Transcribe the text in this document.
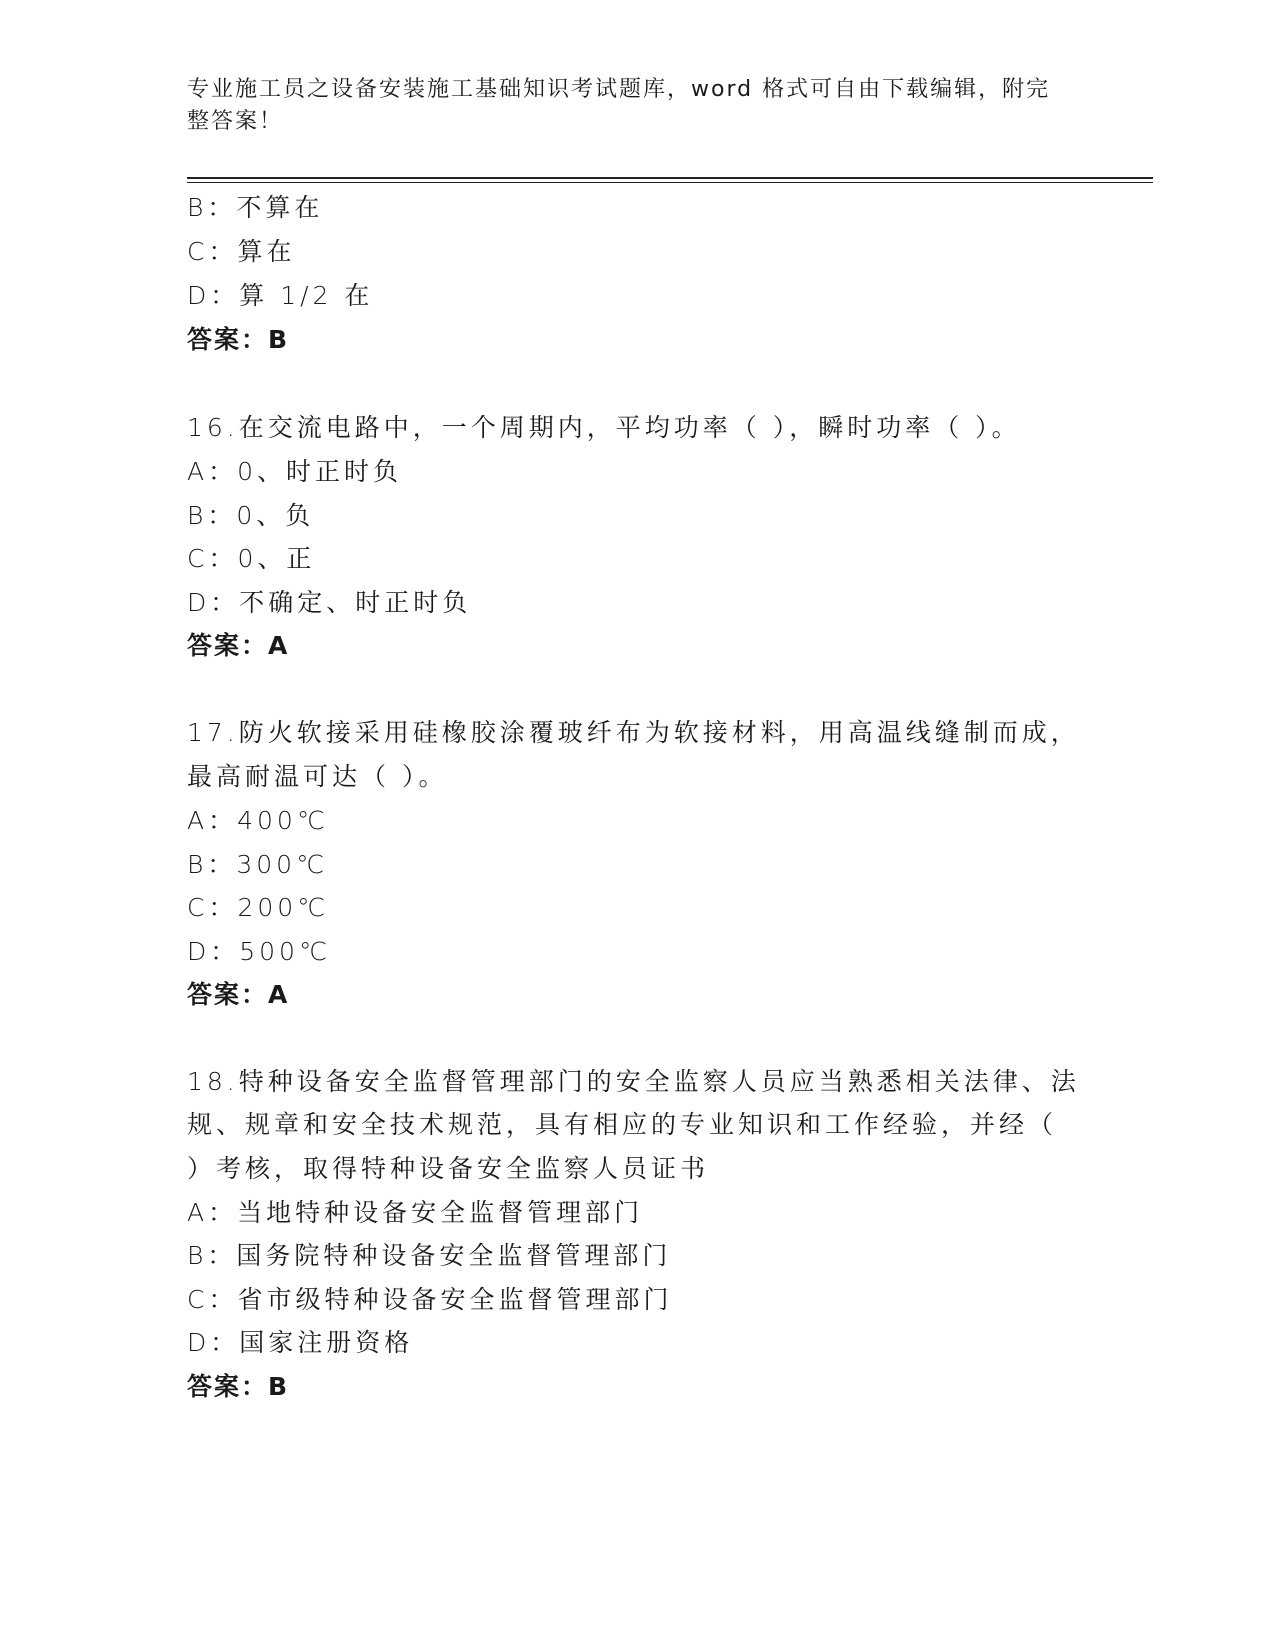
专业施工员之设备安装施工基础知识考试题库，word 格式可自由下载编辑，附完
整答案！

B：不算在

C：算在

D：算 1/2 在

答案：B

16.在交流电路中，一个周期内，平均功率（ ），瞬时功率（ ）。

A：0、时正时负

B：0、负

C：0、正

D：不确定、时正时负

答案：A

17.防火软接采用硅橡胶涂覆玻纤布为软接材料，用高温线缝制而成，

最高耐温可达（ ）。

A：400℃

B：300℃

C：200℃

D：500℃

答案：A

18.特种设备安全监督管理部门的安全监察人员应当熟悉相关法律、法

规、规章和安全技术规范，具有相应的专业知识和工作经验，并经（

）考核，取得特种设备安全监察人员证书

A：当地特种设备安全监督管理部门

B：国务院特种设备安全监督管理部门

C：省市级特种设备安全监督管理部门

D：国家注册资格

答案：B
